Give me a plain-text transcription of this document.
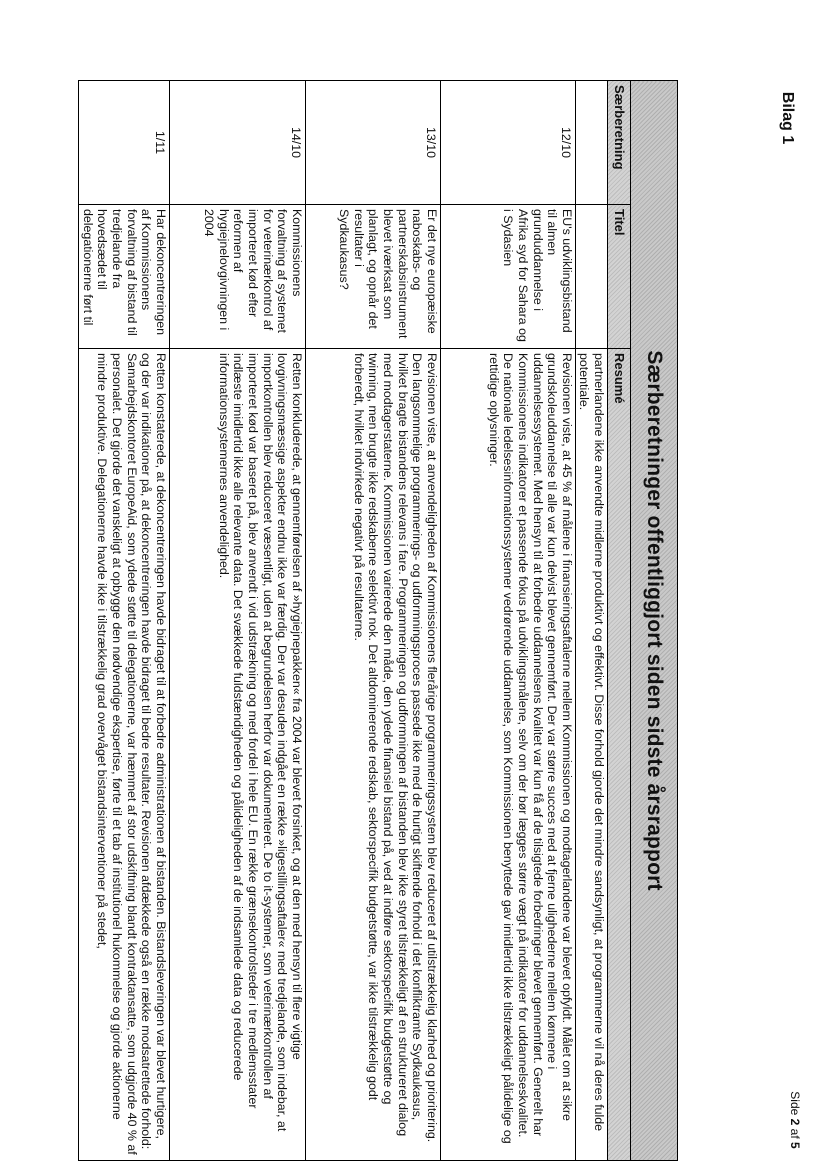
Bilag 1
Særberetninger offentliggjort siden sidste årsrapport		
Særberetning	Titel	Resumé
		partnerlandene ikke anvendte midlerne produktivt og effektivt. Disse forhold gjorde det mindre sandsynligt, at programmerne vil nå deres fulde potentiale.
12/10	EU's udviklingsbistand til almen grunduddannelse i Afrika syd for Sahara og i Sydasien	Revisionen viste, at 45 % af målene i finansieringsaftalerne mellem Kommissionen og modtagerlandene var blevet opfyldt. Målet om at sikre grundskoleuddannelse til alle var kun delvist blevet gennemført. Der var større succes med at fjerne ulighederne mellem kønnene i uddannelsessystemet. Med hensyn til at forbedre uddannelsens kvalitet var kun få af de tilsigtede forbedringer blevet gennemført. Generelt har Kommissionens indikatorer et passende fokus på udviklingsmålene, selv om der bør lægges større vægt på indikatorer for uddannelseskvalitet. De nationale ledelsesinformationssystemer vedrørende uddannelse, som Kommissionen benyttede gav imidlertid ikke tilstrækkeligt pålidelige og rettidige oplysninger.
13/10	Er det nye europæiske naboskabs- og partnerskabsinstrument blevet iværksat som planlagt, og opnår det resultater i Sydkaukasus?	Revisionen viste, at anvendeligheden af Kommissionens flerårige programmeringssystem blev reduceret af utilstrækkelig klarhed og prioritering. Den langsommelige programmerings- og udformningsproces passede ikke med de hurtigt skiftende forhold i det konfliktramte Sydkaukasus, hvilket bragte bistandens relevans i fare. Programmeringen og udformningen af bistanden blev ikke styret tilstrækkeligt af en struktureret dialog med modtagerstaterne. Kommissionen varierede den måde, den ydede finansiel bistand på, ved at indføre sektorspecifik budgetstøtte og twinning, men brugte ikke redskaberne selektivt nok. Det altdominerende redskab, sektorspecifik budgetstøtte, var ikke tilstrækkelig godt forberedt, hvilket indvirkede negativt på resultaterne.
14/10	Kommissionens forvaltning af systemet for veterinærkontrol af importeret kød efter reformen af hygiejnelovgivningen i 2004	Retten konkluderede, at gennemførelsen af »hygiejnepakken« fra 2004 var blevet forsinket, og at den med hensyn til flere vigtige lovgivningsmæssige aspekter endnu ikke var færdig. Der var desuden indgået en række »ligestillingsaftaler« med tredjelande, som indebar, at importkontrollen blev reduceret væsentligt, uden at begrundelsen herfor var dokumenteret. De to it-systemer, som veterinærkontrollen af importeret kød var baseret på, blev anvendt i vid udstrækning og med fordel i hele EU. En række grænsekontrolsteder i tre medlemsstater indlæste imidlertid ikke alle relevante data. Det svækkede fuldstændigheden og pålideligheden af de indsamlede data og reducerede informationssystemernes anvendelighed.
1/11	Har dekoncentreringen af Kommissionens forvaltning af bistand til tredjelande fra hovedsædet til delegationerne ført til	Retten konstaterede, at dekoncentreringen havde bidraget til at forbedre administrationen af bistanden. Bistandsleveringen var blevet hurtigere, og der var indikationer på, at dekoncentreringen havde bidraget til bedre resultater. Revisionen afdækkede også en række modsatrettede forhold: Samarbejdskontoret EuropeAid, som ydede støtte til delegationerne, var hæmmet af stor udskiftning blandt kontraktansatte, som udgjorde 40 % af personalet. Det gjorde det vanskeligt at opbygge den nødvendige ekspertise, førte til et tab af institutionel hukommelse og gjorde aktionerne mindre produktive. Delegationerne havde ikke i tilstrækkelig grad overvåget bistandsinterventioner på stedet,
Side 2 af 5
